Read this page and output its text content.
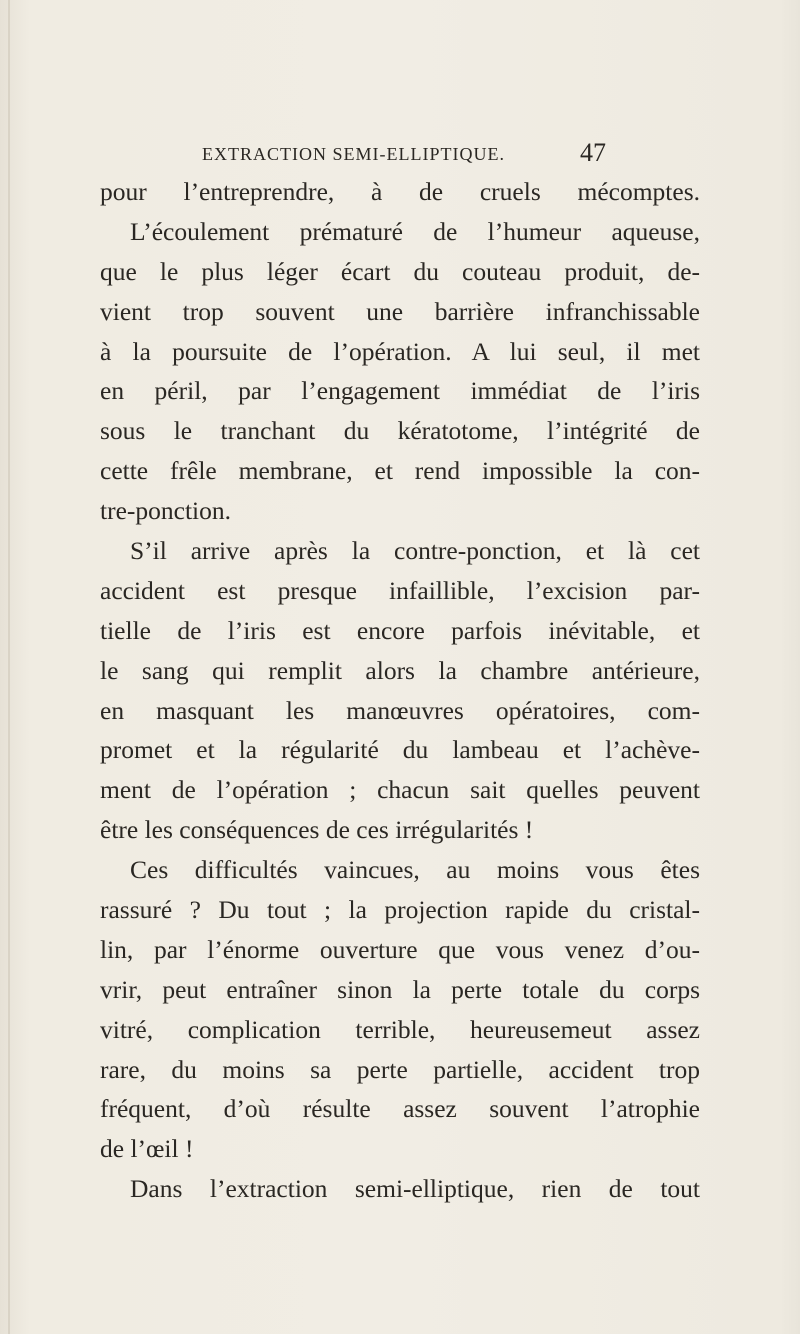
EXTRACTION SEMI-ELLIPTIQUE.	47
pour l’entreprendre, à de cruels mécomptes.
L’écoulement prématuré de l’humeur aqueuse,
que le plus léger écart du couteau produit, de-
vient trop souvent une barrière infranchissable
à la poursuite de l’opération. A lui seul, il met
en péril, par l’engagement immédiat de l’iris
sous le tranchant du kératotome, l’intégrité de
cette frêle membrane, et rend impossible la con-
tre-ponction.
S’il arrive après la contre-ponction, et là cet
accident est presque infaillible, l’excision par-
tielle de l’iris est encore parfois inévitable, et
le sang qui remplit alors la chambre antérieure,
en masquant les manœuvres opératoires, com-
promet et la régularité du lambeau et l’achève-
ment de l’opération ; chacun sait quelles peuvent
être les conséquences de ces irrégularités !
Ces difficultés vaincues, au moins vous êtes
rassuré ? Du tout ; la projection rapide du cristal-
lin, par l’énorme ouverture que vous venez d’ou-
vrir, peut entraîner sinon la perte totale du corps
vitré, complication terrible, heureusemeut assez
rare, du moins sa perte partielle, accident trop
fréquent, d’où résulte assez souvent l’atrophie
de l’œil !
Dans l’extraction semi-elliptique, rien de tout
